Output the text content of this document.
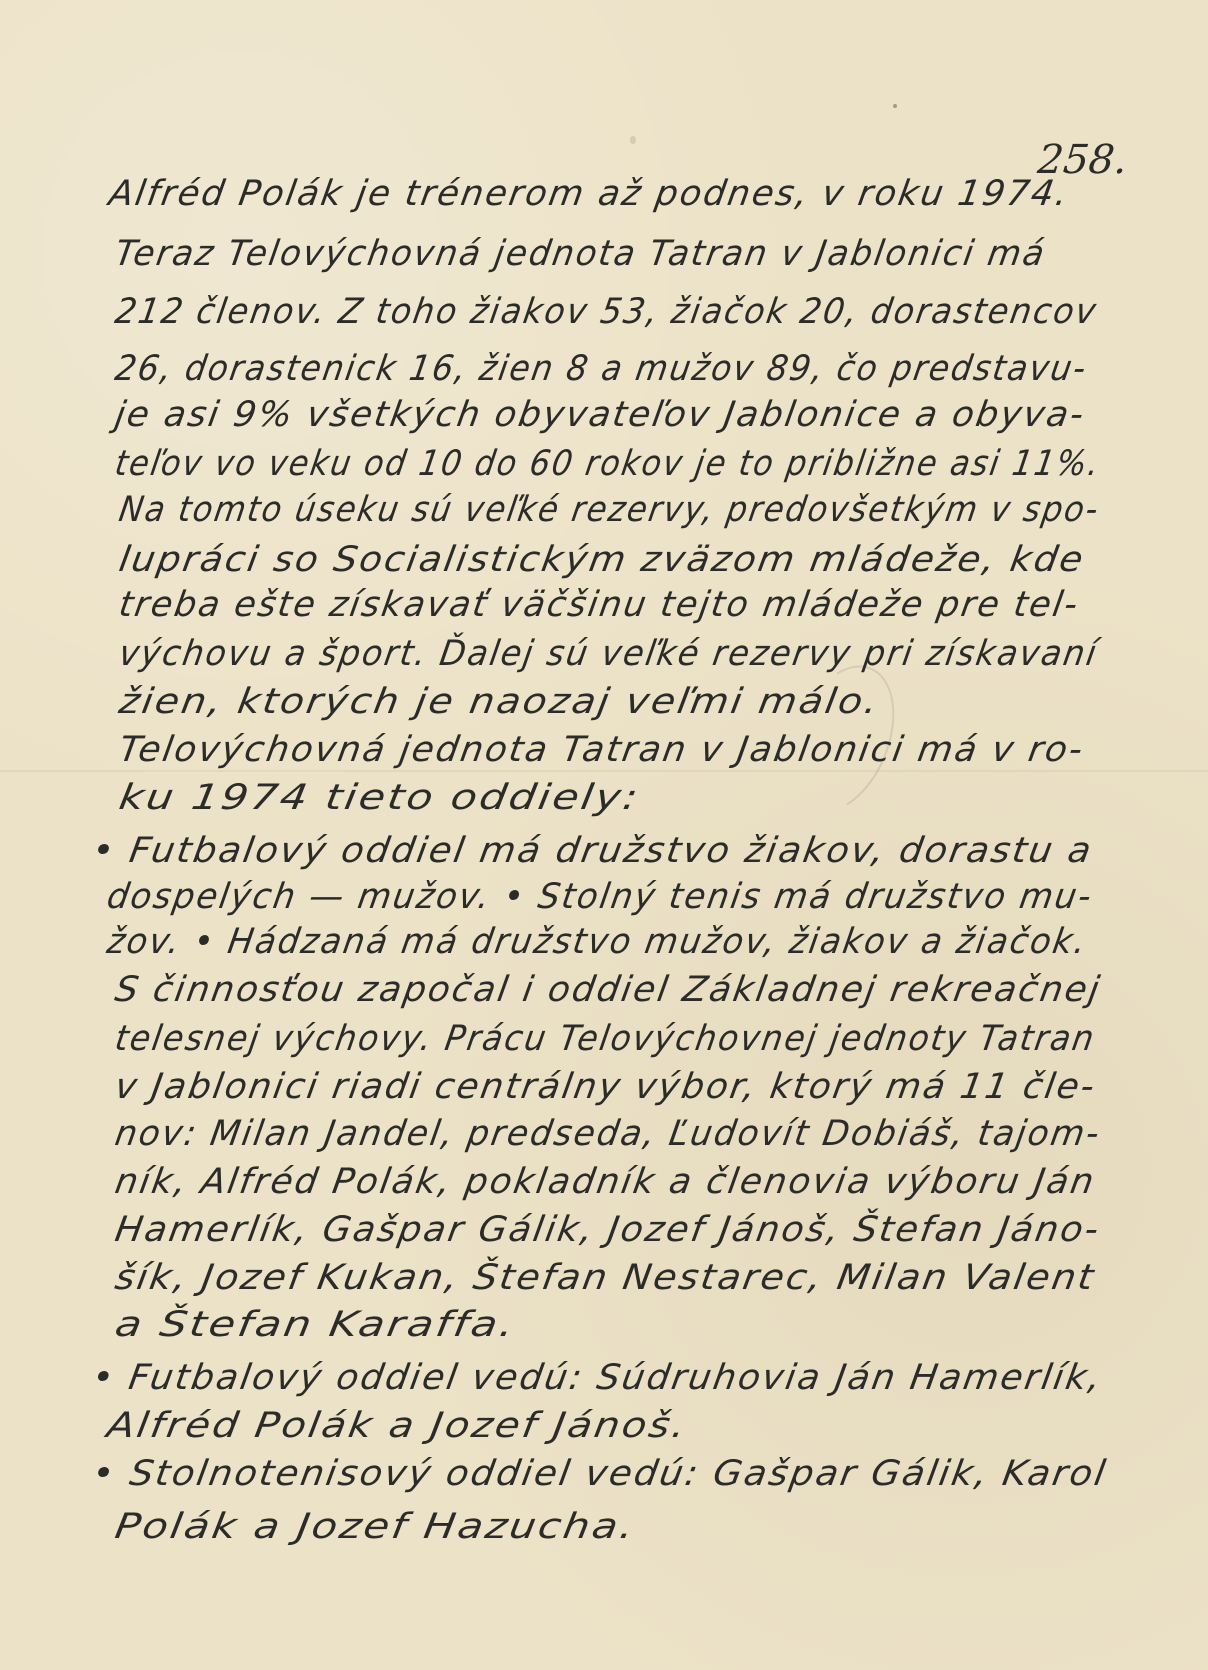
258.
Alfréd Polák je trénerom až podnes, v roku 1974.
Teraz Telovýchovná jednota Tatran v Jablonici má
212 členov. Z toho žiakov 53, žiačok 20, dorastencov
26, dorastenick 16, žien 8 a mužov 89, čo predstavu-
je asi 9% všetkých obyvateľov Jablonice a obyva-
teľov vo veku od 10 do 60 rokov je to približne asi 11%.
Na tomto úseku sú veľké rezervy, predovšetkým v spo-
lupráci so Socialistickým zväzom mládeže, kde
treba ešte získavať väčšinu tejto mládeže pre tel-
výchovu a šport. Ďalej sú veľké rezervy pri získavaní
žien, ktorých je naozaj veľmi málo.
Telovýchovná jednota Tatran v Jablonici má v ro-
ku 1974 tieto oddiely:
• Futbalový oddiel má družstvo žiakov, dorastu a
dospelých — mužov. • Stolný tenis má družstvo mu-
žov. • Hádzaná má družstvo mužov, žiakov a žiačok.
S činnosťou započal i oddiel Základnej rekreačnej
telesnej výchovy. Prácu Telovýchovnej jednoty Tatran
v Jablonici riadi centrálny výbor, ktorý má 11 čle-
nov: Milan Jandel, predseda, Ľudovít Dobiáš, tajom-
ník, Alfréd Polák, pokladník a členovia výboru Ján
Hamerlík, Gašpar Gálik, Jozef Jánoš, Štefan Jáno-
šík, Jozef Kukan, Štefan Nestarec, Milan Valent
a Štefan Karaffa.
• Futbalový oddiel vedú: Súdruhovia Ján Hamerlík,
Alfréd Polák a Jozef Jánoš.
• Stolnotenisový oddiel vedú: Gašpar Gálik, Karol
Polák a Jozef Hazucha.
